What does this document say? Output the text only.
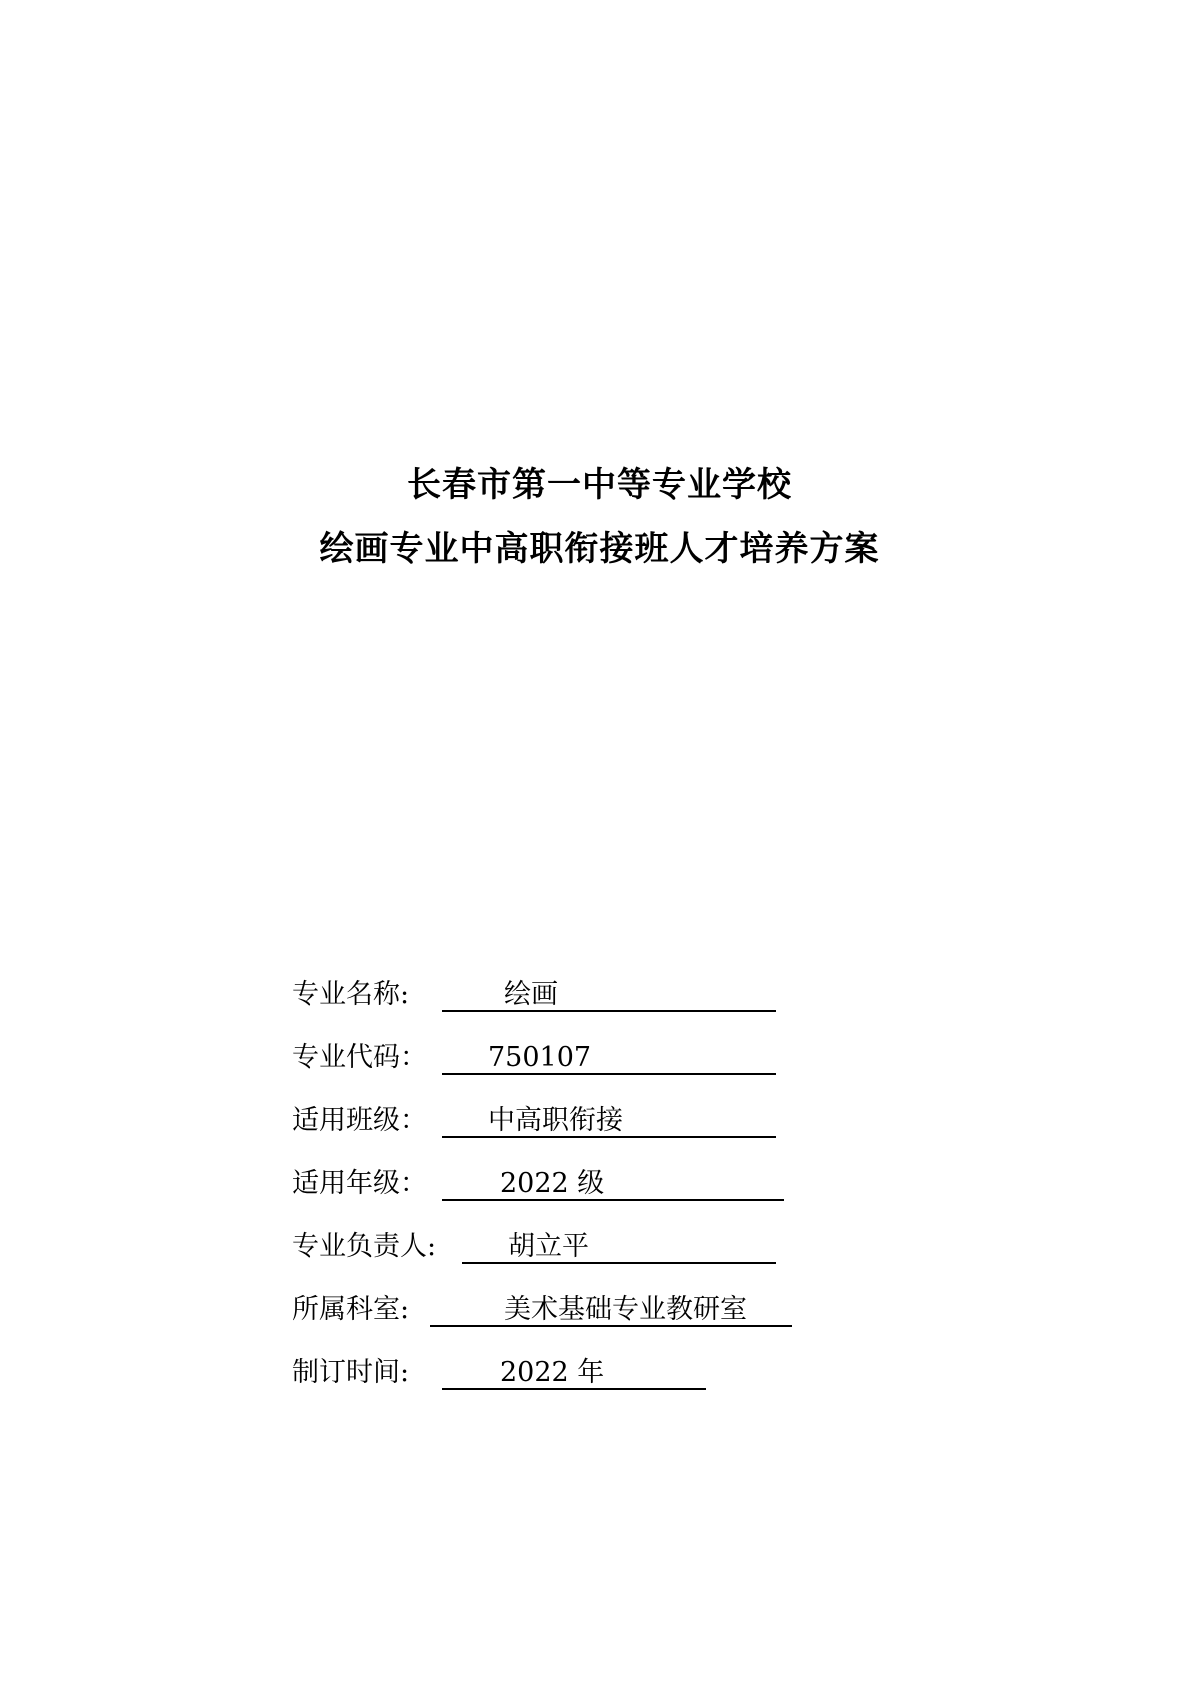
长春市第一中等专业学校
绘画专业中高职衔接班人才培养方案
专业名称:	绘画
专业代码：	750107
适用班级：	中高职衔接
适用年级：	2022 级
专业负责人:	胡立平
所属科室:	美术基础专业教研室
制订时间:	2022 年
